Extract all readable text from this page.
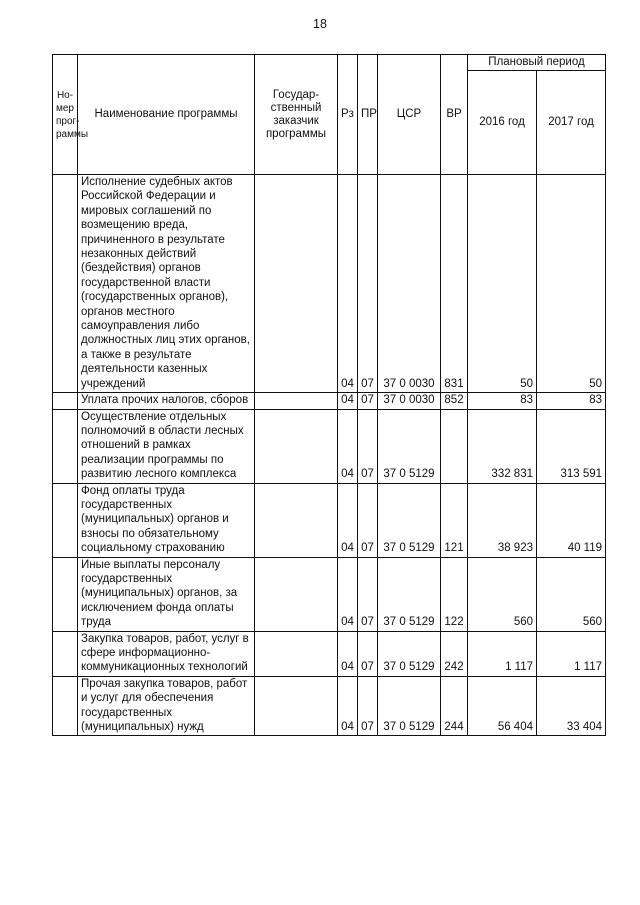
18
Но-мер прог-раммы	Наименование программы	Государ-ственный заказчик программы	Рз	ПР	ЦСР	ВР	Плановый период	
							2016 год	2017 год
	Исполнение судебных актов Российской Федерации и мировых соглашений по возмещению вреда, причиненного в результате незаконных действий (бездействия) органов государственной власти (государственных органов), органов местного самоуправления либо должностных лиц этих органов, а также в результате деятельности казенных учреждений		04	07	37 0 0030	831	50	50
	Уплата прочих налогов, сборов		04	07	37 0 0030	852	83	83
	Осуществление отдельных полномочий в области лесных отношений в рамках реализации программы по развитию лесного комплекса		04	07	37 0 5129		332 831	313 591
	Фонд оплаты труда государственных (муниципальных) органов и взносы по обязательному социальному страхованию		04	07	37 0 5129	121	38 923	40 119
	Иные выплаты персоналу государственных (муниципальных) органов, за исключением фонда оплаты труда		04	07	37 0 5129	122	560	560
	Закупка товаров, работ, услуг в сфере информационно-коммуникационных технологий		04	07	37 0 5129	242	1 117	1 117
	Прочая закупка товаров, работ и услуг для обеспечения государственных (муниципальных) нужд		04	07	37 0 5129	244	56 404	33 404
